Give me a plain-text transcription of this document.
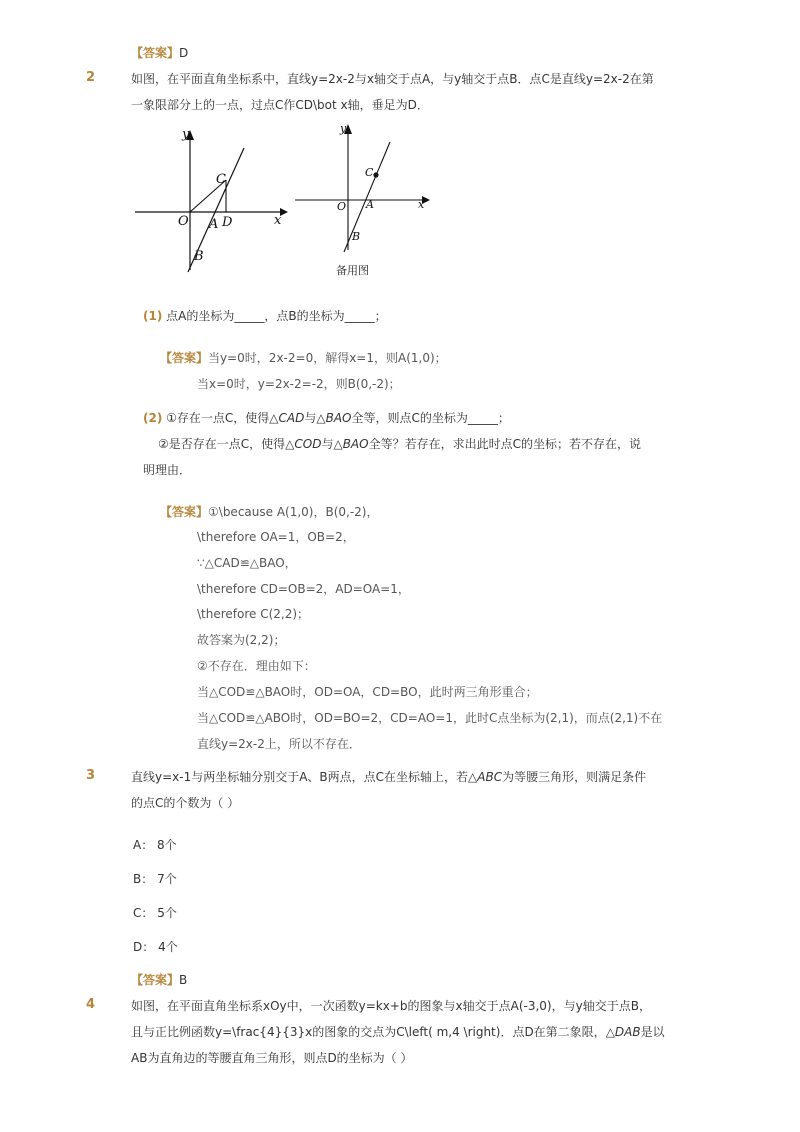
【答案】D
2	如图，在平面直角坐标系中，直线y=2x-2与x轴交于点A，与y轴交于点B．点C是直线y=2x-2在第
一象限部分上的一点，过点C作CD\bot x轴，垂足为D．
y
x
O A D
C
B
y
x
O A
C
B
备用图
(1) 点A的坐标为_____，点B的坐标为_____；
【答案】当y=0时，2x-2=0，解得x=1，则A(1,0)；
当x=0时，y=2x-2=-2，则B(0,-2)；
(2) ①存在一点C，使得△CAD与△BAO全等，则点C的坐标为_____；
②是否存在一点C，使得△COD与△BAO全等？若存在，求出此时点C的坐标；若不存在，说
明理由．
【答案】①\because A(1,0)，B(0,-2)，
\therefore OA=1，OB=2，
∵△CAD≌△BAO，
\therefore CD=OB=2，AD=OA=1，
\therefore C(2,2)；
故答案为(2,2)；
②不存在．理由如下：
当△COD≌△BAO时，OD=OA，CD=BO，此时两三角形重合；
当△COD≌△ABO时，OD=BO=2，CD=AO=1，此时C点坐标为(2,1)，而点(2,1)不在
直线y=2x-2上，所以不存在．
3	直线y=x-1与两坐标轴分别交于A、B两点，点C在坐标轴上，若△ABC为等腰三角形，则满足条件
的点C的个数为（ ）
A： 8个
B： 7个
C： 5个
D： 4个
【答案】B
4	如图，在平面直角坐标系xOy中，一次函数y=kx+b的图象与x轴交于点A(-3,0)，与y轴交于点B，
且与正比例函数y=\frac{4}{3}x的图象的交点为C\left( m,4 \right)．点D在第二象限，△DAB是以
AB为直角边的等腰直角三角形，则点D的坐标为（ ）
